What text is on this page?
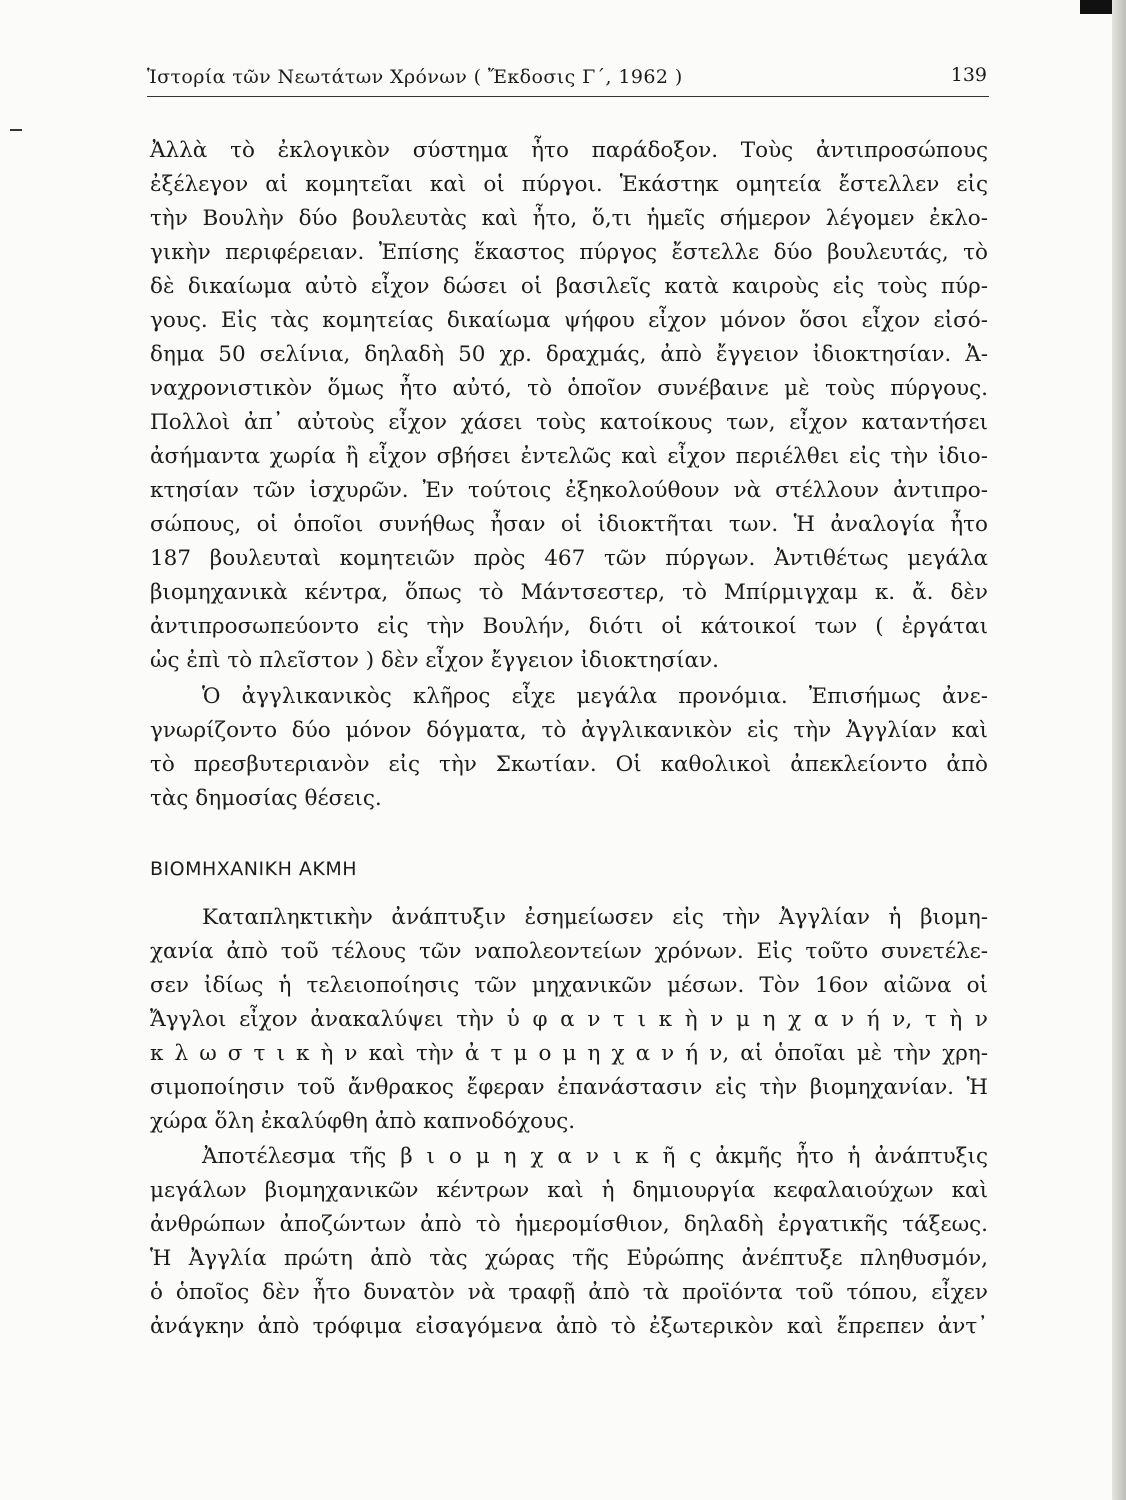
Ἱστορία τῶν Νεωτάτων Χρόνων ( Ἔκδοσις Γ΄, 1962 )	139
Ἀλλὰ τὸ ἐκλογικὸν σύστημα ἦτο παράδοξον. Τοὺς ἀντιπροσώπους
ἐξέλεγον αἱ κομητεῖαι καὶ οἱ πύργοι. Ἑκάστηκ ομητεία ἔστελλεν εἰς
τὴν Βουλὴν δύο βουλευτὰς καὶ ἦτο, ὅ,τι ἡμεῖς σήμερον λέγομεν ἐκλο-
γικὴν περιφέρειαν. Ἐπίσης ἕκαστος πύργος ἔστελλε δύο βουλευτάς, τὸ
δὲ δικαίωμα αὐτὸ εἶχον δώσει οἱ βασιλεῖς κατὰ καιροὺς εἰς τοὺς πύρ-
γους. Εἰς τὰς κομητείας δικαίωμα ψήφου εἶχον μόνον ὅσοι εἶχον εἰσό-
δημα 50 σελίνια, δηλαδὴ 50 χρ. δραχμάς, ἀπὸ ἔγγειον ἰδιοκτησίαν. Ἀ-
ναχρονιστικὸν ὅμως ἦτο αὐτό, τὸ ὁποῖον συνέβαινε μὲ τοὺς πύργους.
Πολλοὶ ἀπ᾽ αὐτοὺς εἶχον χάσει τοὺς κατοίκους των, εἶχον καταντήσει
ἀσήμαντα χωρία ἢ εἶχον σβήσει ἐντελῶς καὶ εἶχον περιέλθει εἰς τὴν ἰδιο-
κτησίαν τῶν ἰσχυρῶν. Ἐν τούτοις ἐξηκολούθουν νὰ στέλλουν ἀντιπρο-
σώπους, οἱ ὁποῖοι συνήθως ἦσαν οἱ ἰδιοκτῆται των. Ἡ ἀναλογία ἦτο
187 βουλευταὶ κομητειῶν πρὸς 467 τῶν πύργων. Ἀντιθέτως μεγάλα
βιομηχανικὰ κέντρα, ὅπως τὸ Μάντσεστερ, τὸ Μπίρμιγχαμ κ. ἄ. δὲν
ἀντιπροσωπεύοντο εἰς τὴν Βουλήν, διότι οἱ κάτοικοί των ( ἐργάται
ὡς ἐπὶ τὸ πλεῖστον ) δὲν εἶχον ἔγγειον ἰδιοκτησίαν.
Ὁ ἀγγλικανικὸς κλῆρος εἶχε μεγάλα προνόμια. Ἐπισήμως ἀνε-
γνωρίζοντο δύο μόνον δόγματα, τὸ ἀγγλικανικὸν εἰς τὴν Ἀγγλίαν καὶ
τὸ πρεσβυτεριανὸν εἰς τὴν Σκωτίαν. Οἱ καθολικοὶ ἀπεκλείοντο ἀπὸ
τὰς δημοσίας θέσεις.
ΒΙΟΜΗΧΑΝΙΚΗ ΑΚΜΗ
Καταπληκτικὴν ἀνάπτυξιν ἐσημείωσεν εἰς τὴν Ἀγγλίαν ἡ βιομη-
χανία ἀπὸ τοῦ τέλους τῶν ναπολεοντείων χρόνων. Εἰς τοῦτο συνετέλε-
σεν ἰδίως ἡ τελειοποίησις τῶν μηχανικῶν μέσων. Τὸν 16ον αἰῶνα οἱ
Ἄγγλοι εἶχον ἀνακαλύψει τὴν ὑ φ α ν τ ι κ ὴ ν μ η χ α ν ή ν, τ ὴ ν
κ λ ω σ τ ι κ ὴ ν καὶ τὴν ἀ τ μ ο μ η χ α ν ή ν, αἱ ὁποῖαι μὲ τὴν χρη-
σιμοποίησιν τοῦ ἄνθρακος ἔφεραν ἐπανάστασιν εἰς τὴν βιομηχανίαν. Ἡ
χώρα ὅλη ἐκαλύφθη ἀπὸ καπνοδόχους.
Ἀποτέλεσμα τῆς β ι ο μ η χ α ν ι κ ῆ ς ἀκμῆς ἦτο ἡ ἀνάπτυξις
μεγάλων βιομηχανικῶν κέντρων καὶ ἡ δημιουργία κεφαλαιούχων καὶ
ἀνθρώπων ἀποζώντων ἀπὸ τὸ ἡμερομίσθιον, δηλαδὴ ἐργατικῆς τάξεως.
Ἡ Ἀγγλία πρώτη ἀπὸ τὰς χώρας τῆς Εὐρώπης ἀνέπτυξε πληθυσμόν,
ὁ ὁποῖος δὲν ἦτο δυνατὸν νὰ τραφῇ ἀπὸ τὰ προϊόντα τοῦ τόπου, εἶχεν
ἀνάγκην ἀπὸ τρόφιμα εἰσαγόμενα ἀπὸ τὸ ἐξωτερικὸν καὶ ἔπρεπεν ἀντ᾽
